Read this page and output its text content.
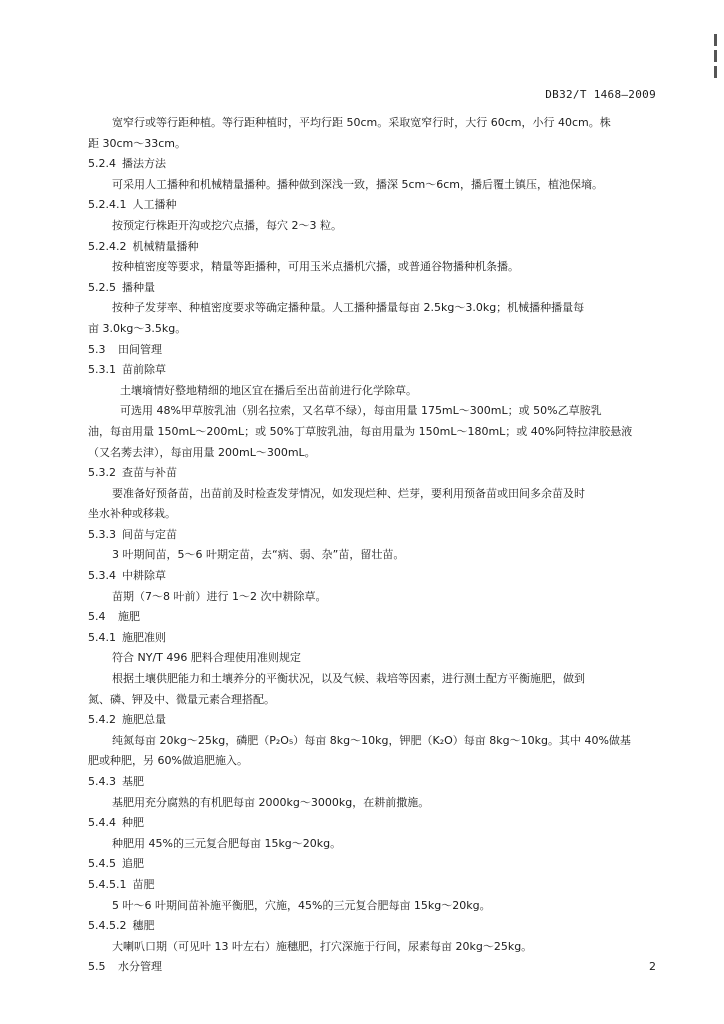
DB32/T 1468—2009
宽窄行或等行距种植。等行距种植时，平均行距 50cm。采取宽窄行时，大行 60cm，小行 40cm。株
距 30cm～33cm。
5.2.4 播法方法
可采用人工播种和机械精量播种。播种做到深浅一致，播深 5cm～6cm，播后覆土镇压，植池保墒。
5.2.4.1 人工播种
按预定行株距开沟或挖穴点播，每穴 2～3 粒。
5.2.4.2 机械精量播种
按种植密度等要求，精量等距播种，可用玉米点播机穴播，或普通谷物播种机条播。
5.2.5 播种量
按种子发芽率、种植密度要求等确定播种量。人工播种播量每亩 2.5kg～3.0kg；机械播种播量每
亩 3.0kg～3.5kg。
5.3 田间管理
5.3.1 苗前除草
土壤墒情好整地精细的地区宜在播后至出苗前进行化学除草。
可选用 48%甲草胺乳油（别名拉索，又名草不绿），每亩用量 175mL～300mL；或 50%乙草胺乳
油，每亩用量 150mL～200mL；或 50%丁草胺乳油，每亩用量为 150mL～180mL；或 40%阿特拉津胶悬液
（又名莠去津），每亩用量 200mL～300mL。
5.3.2 查苗与补苗
要准备好预备苗，出苗前及时检查发芽情况，如发现烂种、烂芽，要利用预备苗或田间多余苗及时
坐水补种或移栽。
5.3.3 间苗与定苗
3 叶期间苗，5～6 叶期定苗，去“病、弱、杂”苗，留壮苗。
5.3.4 中耕除草
苗期（7～8 叶前）进行 1～2 次中耕除草。
5.4 施肥
5.4.1 施肥准则
符合 NY/T 496 肥料合理使用准则规定
根据土壤供肥能力和土壤养分的平衡状况，以及气候、栽培等因素，进行测土配方平衡施肥，做到
氮、磷、钾及中、微量元素合理搭配。
5.4.2 施肥总量
纯氮每亩 20kg～25kg，磷肥（P₂O₅）每亩 8kg～10kg，钾肥（K₂O）每亩 8kg～10kg。其中 40%做基
肥或种肥，另 60%做追肥施入。
5.4.3 基肥
基肥用充分腐熟的有机肥每亩 2000kg～3000kg，在耕前撒施。
5.4.4 种肥
种肥用 45%的三元复合肥每亩 15kg～20kg。
5.4.5 追肥
5.4.5.1 苗肥
5 叶～6 叶期间苗补施平衡肥，穴施，45%的三元复合肥每亩 15kg～20kg。
5.4.5.2 穗肥
大喇叭口期（可见叶 13 叶左右）施穗肥，打穴深施于行间，尿素每亩 20kg～25kg。
5.5 水分管理	2
